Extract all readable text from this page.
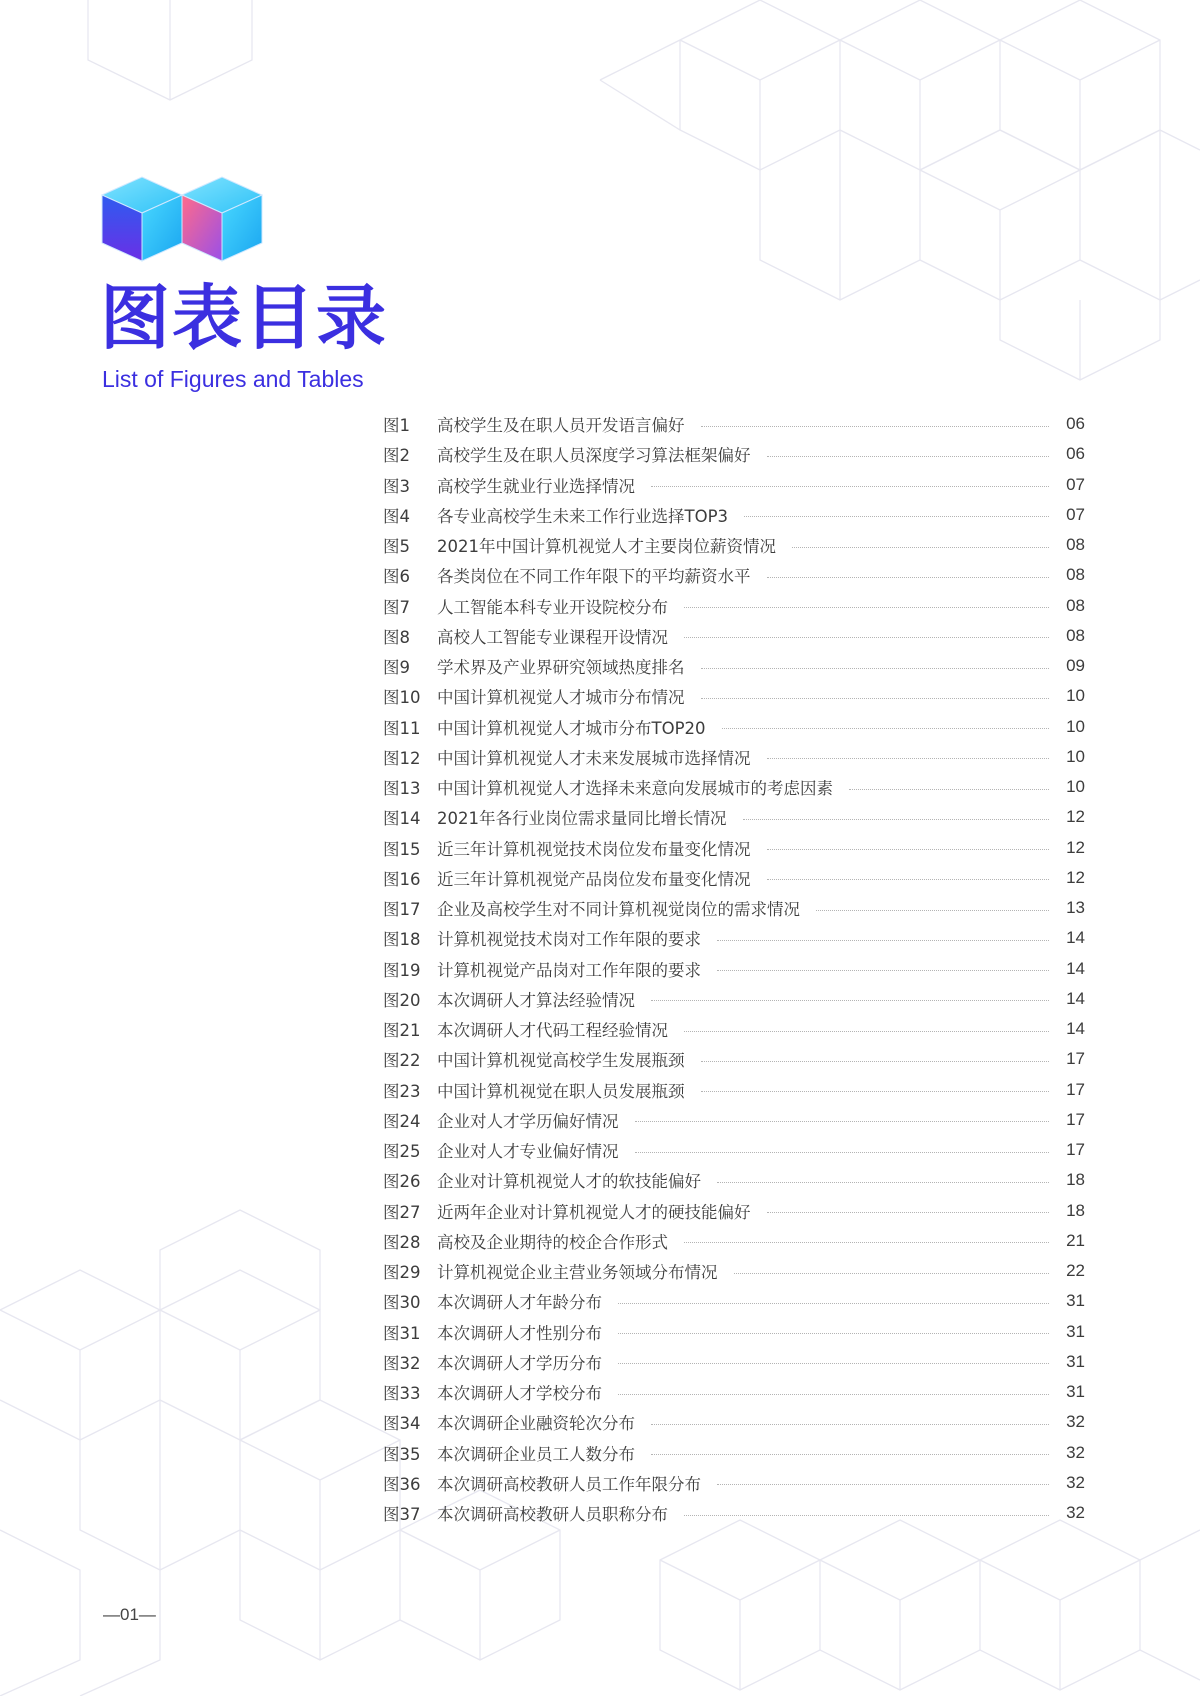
图表目录
List of Figures and Tables
图1	高校学生及在职人员开发语言偏好	06
图2	高校学生及在职人员深度学习算法框架偏好	06
图3	高校学生就业行业选择情况	07
图4	各专业高校学生未来工作行业选择TOP3	07
图5	2021年中国计算机视觉人才主要岗位薪资情况	08
图6	各类岗位在不同工作年限下的平均薪资水平	08
图7	人工智能本科专业开设院校分布	08
图8	高校人工智能专业课程开设情况	08
图9	学术界及产业界研究领域热度排名	09
图10	中国计算机视觉人才城市分布情况	10
图11	中国计算机视觉人才城市分布TOP20	10
图12	中国计算机视觉人才未来发展城市选择情况	10
图13	中国计算机视觉人才选择未来意向发展城市的考虑因素	10
图14	2021年各行业岗位需求量同比增长情况	12
图15	近三年计算机视觉技术岗位发布量变化情况	12
图16	近三年计算机视觉产品岗位发布量变化情况	12
图17	企业及高校学生对不同计算机视觉岗位的需求情况	13
图18	计算机视觉技术岗对工作年限的要求	14
图19	计算机视觉产品岗对工作年限的要求	14
图20	本次调研人才算法经验情况	14
图21	本次调研人才代码工程经验情况	14
图22	中国计算机视觉高校学生发展瓶颈	17
图23	中国计算机视觉在职人员发展瓶颈	17
图24	企业对人才学历偏好情况	17
图25	企业对人才专业偏好情况	17
图26	企业对计算机视觉人才的软技能偏好	18
图27	近两年企业对计算机视觉人才的硬技能偏好	18
图28	高校及企业期待的校企合作形式	21
图29	计算机视觉企业主营业务领域分布情况	22
图30	本次调研人才年龄分布	31
图31	本次调研人才性别分布	31
图32	本次调研人才学历分布	31
图33	本次调研人才学校分布	31
图34	本次调研企业融资轮次分布	32
图35	本次调研企业员工人数分布	32
图36	本次调研高校教研人员工作年限分布	32
图37	本次调研高校教研人员职称分布	32
—01—
